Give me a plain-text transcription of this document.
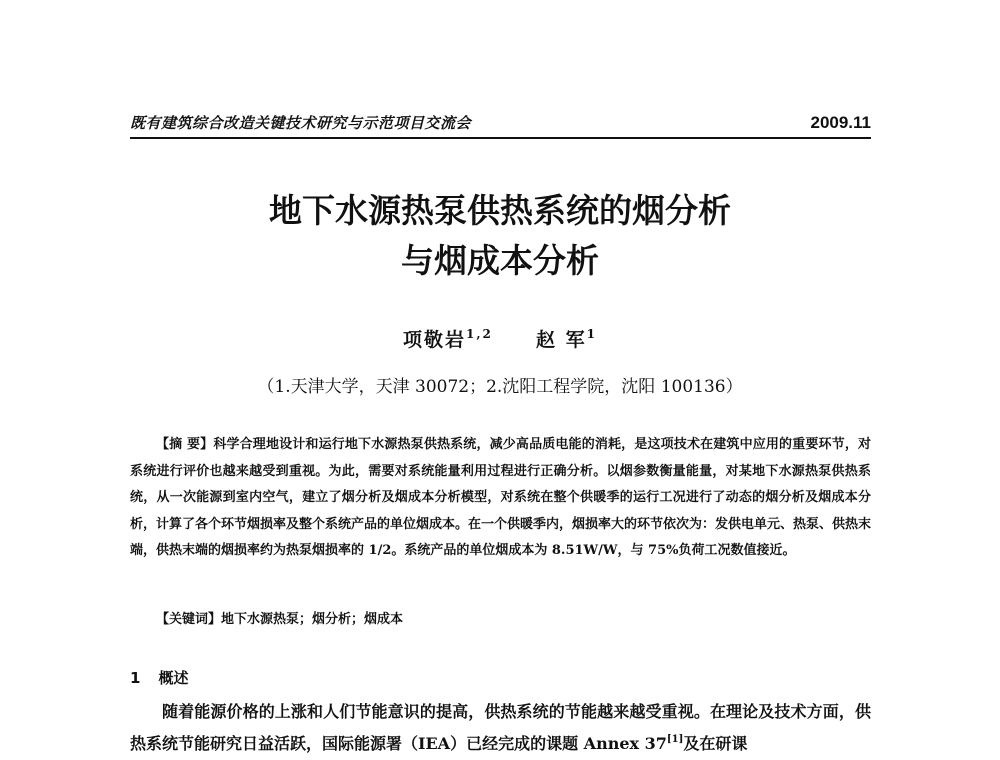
既有建筑综合改造关键技术研究与示范项目交流会	2009.11
地下水源热泵供热系统的烟分析
与烟成本分析
项敬岩$^{1,2}$ 赵 军$^1$
（1.天津大学，天津 30072；2.沈阳工程学院，沈阳 100136）
【摘 要】科学合理地设计和运行地下水源热泵供热系统，减少高品质电能的消耗，是这项技术在建筑中应用的重要环节，对系统进行评价也越来越受到重视。为此，需要对系统能量利用过程进行正确分析。以烟参数衡量能量，对某地下水源热泵供热系统，从一次能源到室内空气，建立了烟分析及烟成本分析模型，对系统在整个供暖季的运行工况进行了动态的烟分析及烟成本分析，计算了各个环节烟损率及整个系统产品的单位烟成本。在一个供暖季内，烟损率大的环节依次为：发供电单元、热泵、供热末端，供热末端的烟损率约为热泵烟损率的 1/2。系统产品的单位烟成本为 8.51W/W，与 75%负荷工况数值接近。
【关键词】地下水源热泵；烟分析；烟成本
1 概述
随着能源价格的上涨和人们节能意识的提高，供热系统的节能越来越受重视。在理论及技术方面，供热系统节能研究日益活跃，国际能源署（IEA）已经完成的课题 Annex 37[1]及在研课
